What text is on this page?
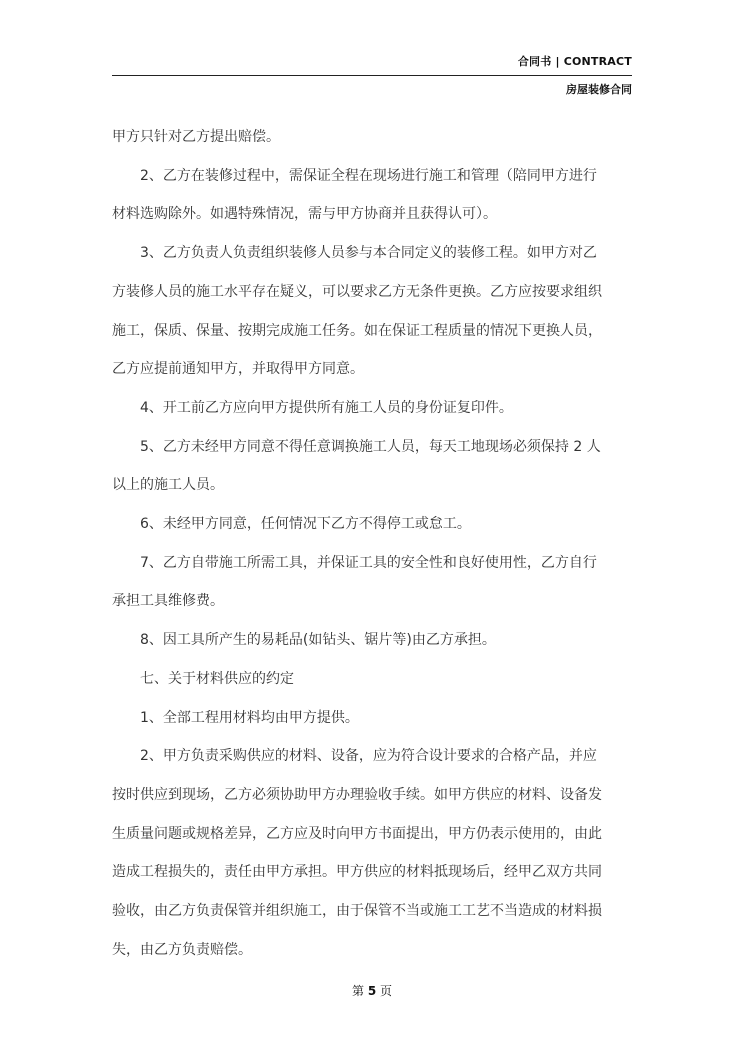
合同书 | CONTRACT
房屋装修合同

甲方只针对乙方提出赔偿。

2、乙方在装修过程中，需保证全程在现场进行施工和管理（陪同甲方进行

材料选购除外。如遇特殊情况，需与甲方协商并且获得认可）。

3、乙方负责人负责组织装修人员参与本合同定义的装修工程。如甲方对乙

方装修人员的施工水平存在疑义，可以要求乙方无条件更换。乙方应按要求组织

施工，保质、保量、按期完成施工任务。如在保证工程质量的情况下更换人员，

乙方应提前通知甲方，并取得甲方同意。

4、开工前乙方应向甲方提供所有施工人员的身份证复印件。

5、乙方未经甲方同意不得任意调换施工人员，每天工地现场必须保持 2 人

以上的施工人员。

6、未经甲方同意，任何情况下乙方不得停工或怠工。

7、乙方自带施工所需工具，并保证工具的安全性和良好使用性，乙方自行

承担工具维修费。

8、因工具所产生的易耗品(如钻头、锯片等)由乙方承担。

七、关于材料供应的约定

1、全部工程用材料均由甲方提供。

2、甲方负责采购供应的材料、设备，应为符合设计要求的合格产品，并应

按时供应到现场，乙方必须协助甲方办理验收手续。如甲方供应的材料、设备发

生质量问题或规格差异，乙方应及时向甲方书面提出，甲方仍表示使用的，由此

造成工程损失的，责任由甲方承担。甲方供应的材料抵现场后，经甲乙双方共同

验收，由乙方负责保管并组织施工，由于保管不当或施工工艺不当造成的材料损

失，由乙方负责赔偿。

第 5 页
